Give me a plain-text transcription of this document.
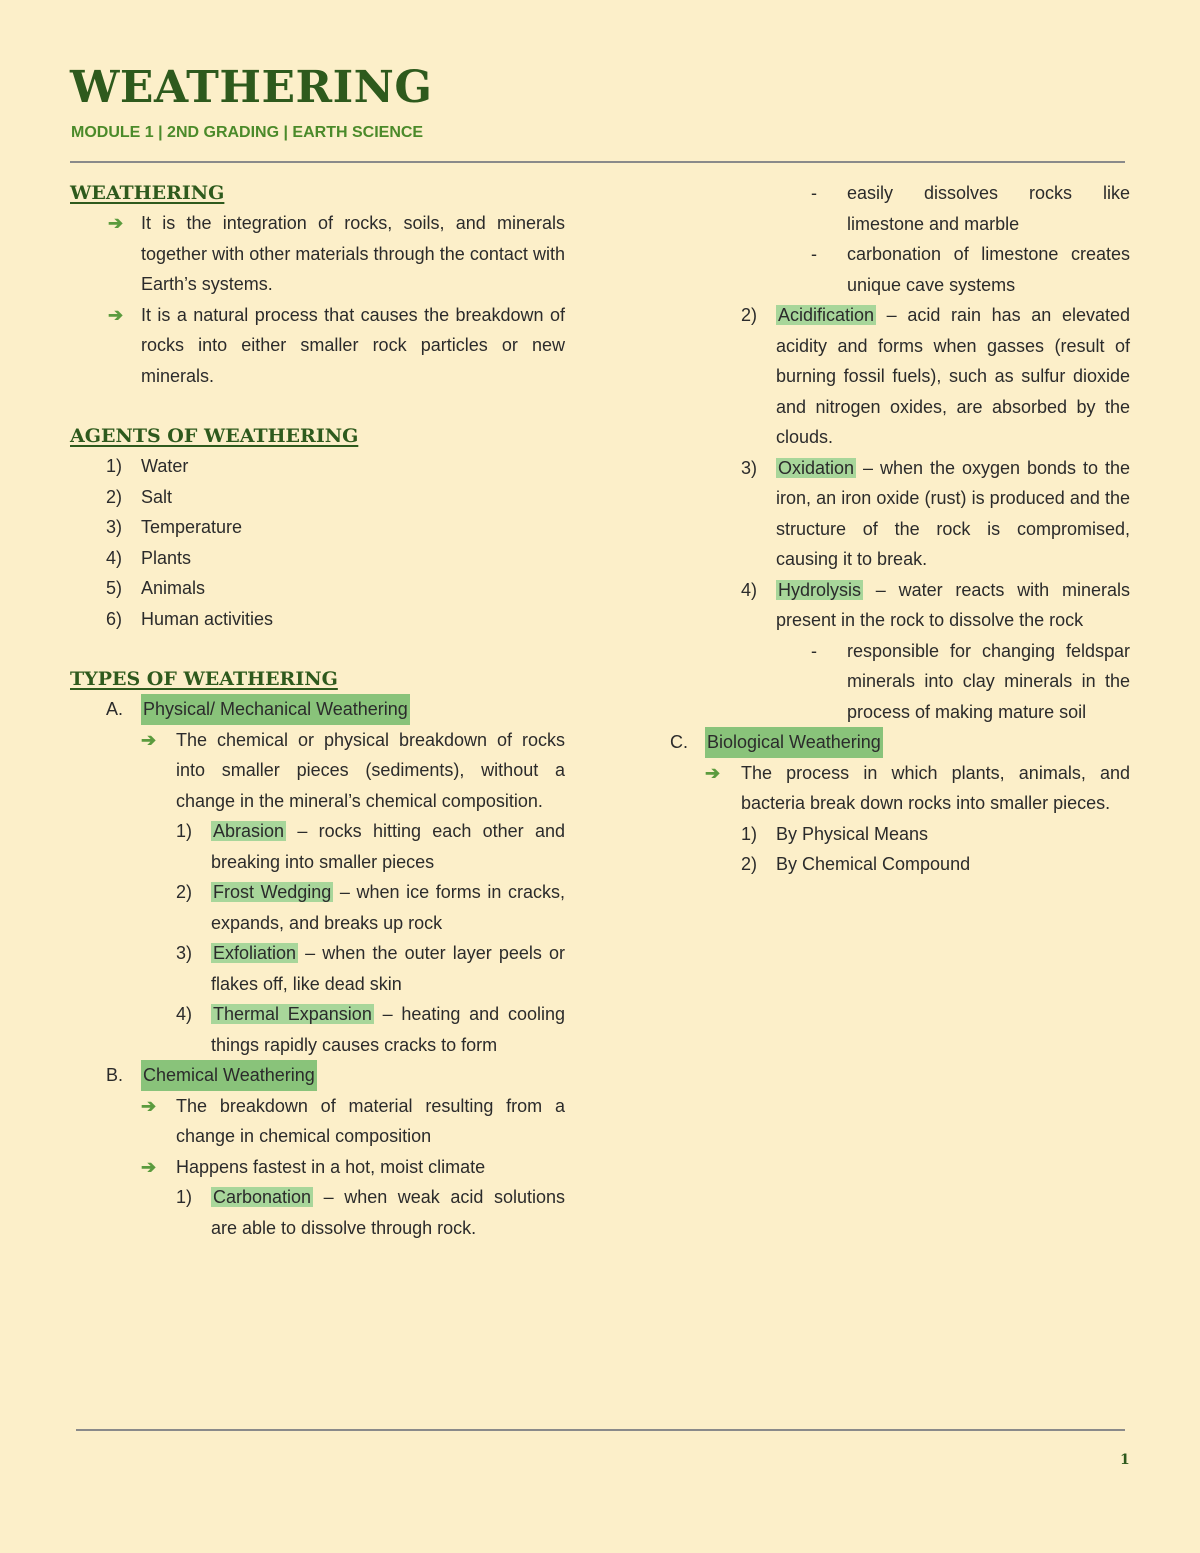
WEATHERING
MODULE 1 | 2ND GRADING | EARTH SCIENCE
WEATHERING
➔ It is the integration of rocks, soils, and minerals together with other materials through the contact with Earth’s systems.
➔ It is a natural process that causes the breakdown of rocks into either smaller rock particles or new minerals.
AGENTS OF WEATHERING
1)	Water
2)	Salt
3)	Temperature
4)	Plants
5)	Animals
6)	Human activities
TYPES OF WEATHERING
A.	Physical/ Mechanical Weathering
➔	The chemical or physical breakdown of rocks into smaller pieces (sediments), without a change in the mineral’s chemical composition.
1)	Abrasion – rocks hitting each other and breaking into smaller pieces
2)	Frost Wedging – when ice forms in cracks, expands, and breaks up rock
3)	Exfoliation – when the outer layer peels or flakes off, like dead skin
4)	Thermal Expansion – heating and cooling things rapidly causes cracks to form
B.	Chemical Weathering
➔	The breakdown of material resulting from a change in chemical composition
➔	Happens fastest in a hot, moist climate
1)	Carbonation – when weak acid solutions are able to dissolve through rock.
-	easily dissolves rocks like limestone and marble
-	carbonation of limestone creates unique cave systems
2)	Acidification – acid rain has an elevated acidity and forms when gasses (result of burning fossil fuels), such as sulfur dioxide and nitrogen oxides, are absorbed by the clouds.
3)	Oxidation – when the oxygen bonds to the iron, an iron oxide (rust) is produced and the structure of the rock is compromised, causing it to break.
4)	Hydrolysis – water reacts with minerals present in the rock to dissolve the rock
-	responsible for changing feldspar minerals into clay minerals in the process of making mature soil
C.	Biological Weathering
➔	The process in which plants, animals, and bacteria break down rocks into smaller pieces.
1)	By Physical Means
2)	By Chemical Compound
1
